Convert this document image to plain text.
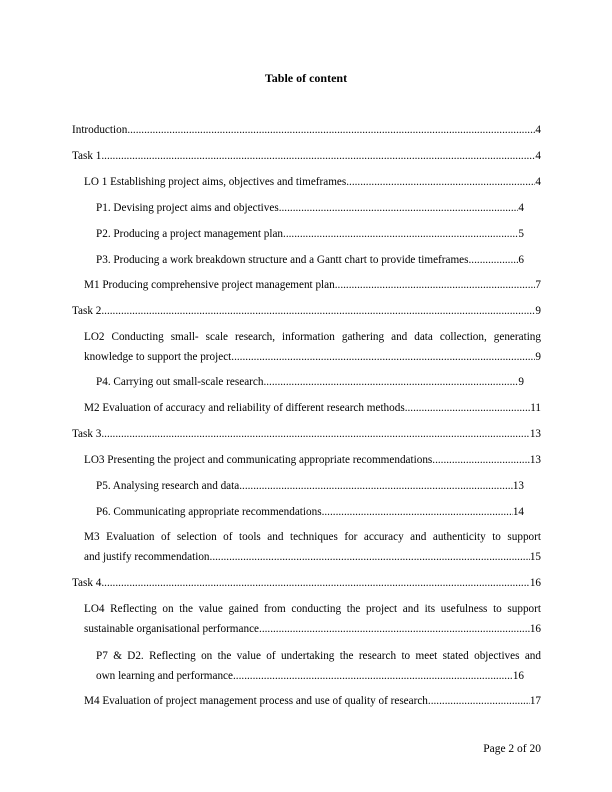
Table of content
Introduction .....	4
Task 1 .....	4
LO 1 Establishing project aims, objectives and timeframes .....	4
P1. Devising project aims and objectives .....	4
P2. Producing a project management plan .....	5
P3. Producing a work breakdown structure and a Gantt chart to provide timeframes .....	6
M1 Producing comprehensive project management plan .....	7
Task 2 .....	9
LO2 Conducting small- scale research, information gathering and data collection, generating
knowledge to support the project .....	9
P4. Carrying out small-scale research .....	9
M2 Evaluation of accuracy and reliability of different research methods .....	11
Task 3 .....	13
LO3 Presenting the project and communicating appropriate recommendations .....	13
P5. Analysing research and data .....	13
P6. Communicating appropriate recommendations .....	14
M3 Evaluation of selection of tools and techniques for accuracy and authenticity to support
and justify recommendation .....	15
Task 4 .....	16
LO4 Reflecting on the value gained from conducting the project and its usefulness to support
sustainable organisational performance .....	16
P7 & D2. Reflecting on the value of undertaking the research to meet stated objectives and
own learning and performance .....	16
M4 Evaluation of project management process and use of quality of research .....	17
Page 2 of 20
